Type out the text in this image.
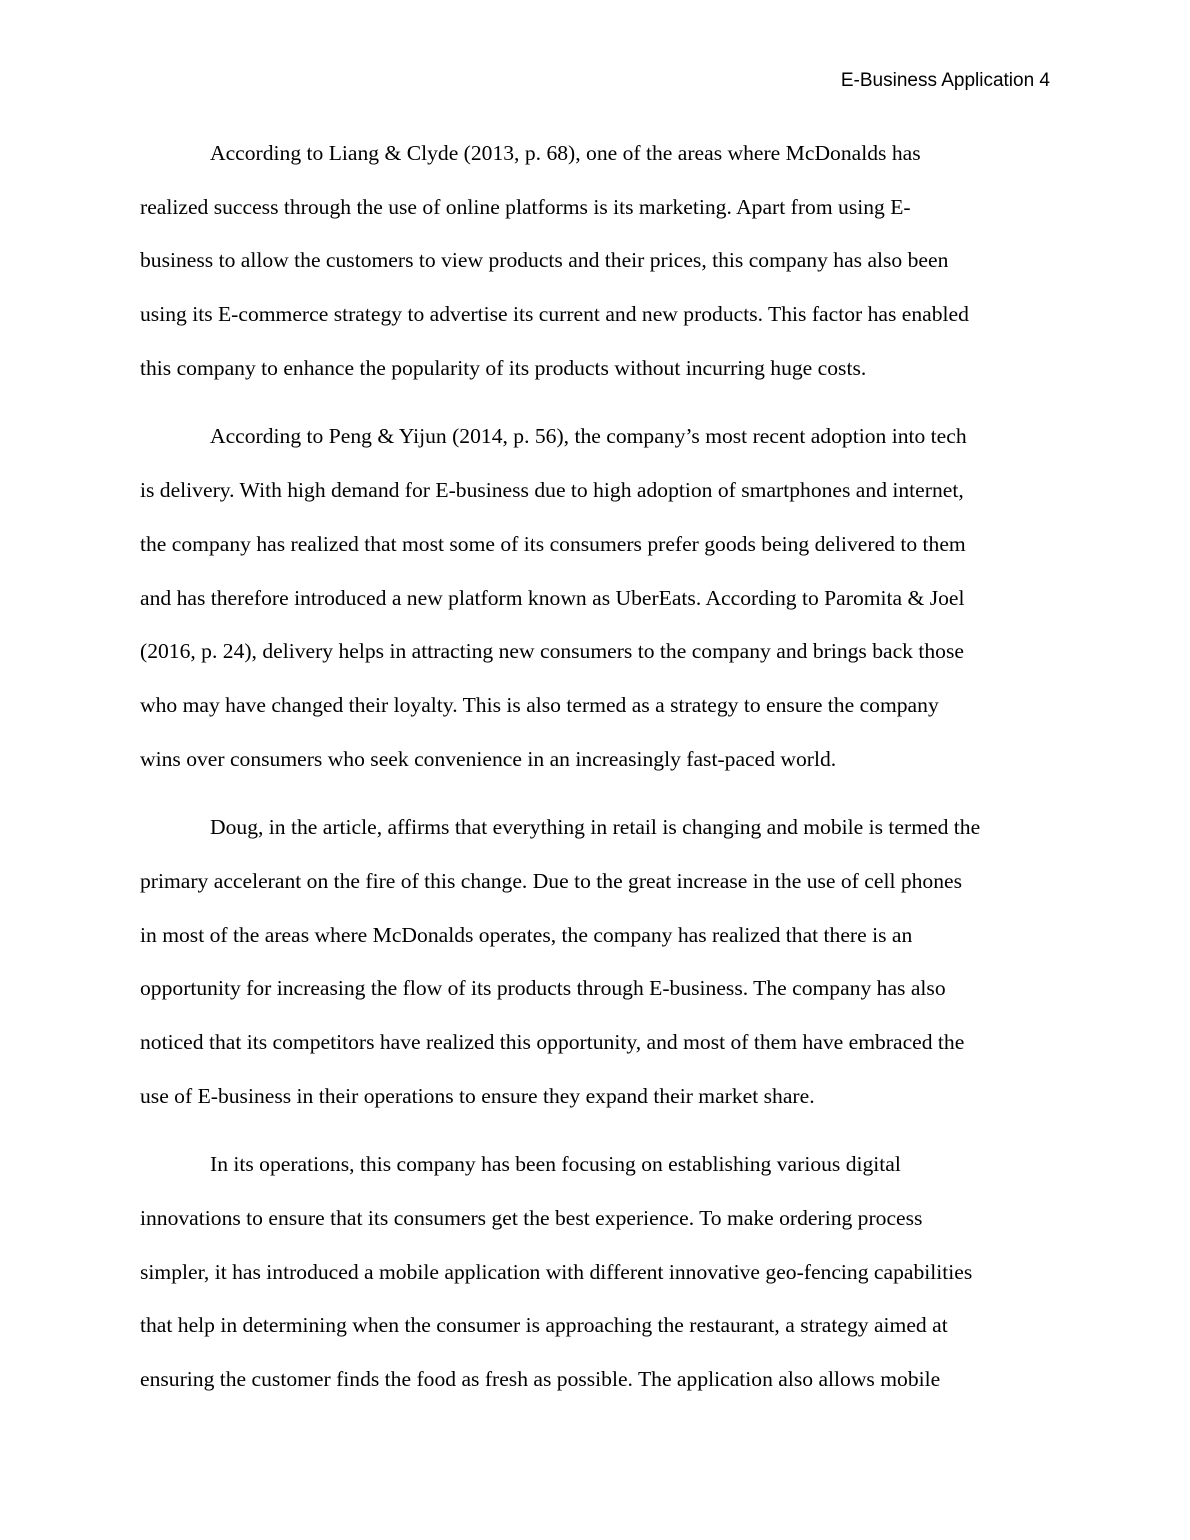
E-Business Application 4

According to Liang & Clyde (2013, p. 68), one of the areas where McDonalds has
realized success through the use of online platforms is its marketing. Apart from using E-
business to allow the customers to view products and their prices, this company has also been
using its E-commerce strategy to advertise its current and new products. This factor has enabled
this company to enhance the popularity of its products without incurring huge costs.

According to Peng & Yijun (2014, p. 56), the company’s most recent adoption into tech
is delivery. With high demand for E-business due to high adoption of smartphones and internet,
the company has realized that most some of its consumers prefer goods being delivered to them
and has therefore introduced a new platform known as UberEats. According to Paromita & Joel
(2016, p. 24), delivery helps in attracting new consumers to the company and brings back those
who may have changed their loyalty. This is also termed as a strategy to ensure the company
wins over consumers who seek convenience in an increasingly fast-paced world.

Doug, in the article, affirms that everything in retail is changing and mobile is termed the
primary accelerant on the fire of this change. Due to the great increase in the use of cell phones
in most of the areas where McDonalds operates, the company has realized that there is an
opportunity for increasing the flow of its products through E-business. The company has also
noticed that its competitors have realized this opportunity, and most of them have embraced the
use of E-business in their operations to ensure they expand their market share.

In its operations, this company has been focusing on establishing various digital
innovations to ensure that its consumers get the best experience. To make ordering process
simpler, it has introduced a mobile application with different innovative geo-fencing capabilities
that help in determining when the consumer is approaching the restaurant, a strategy aimed at
ensuring the customer finds the food as fresh as possible. The application also allows mobile
